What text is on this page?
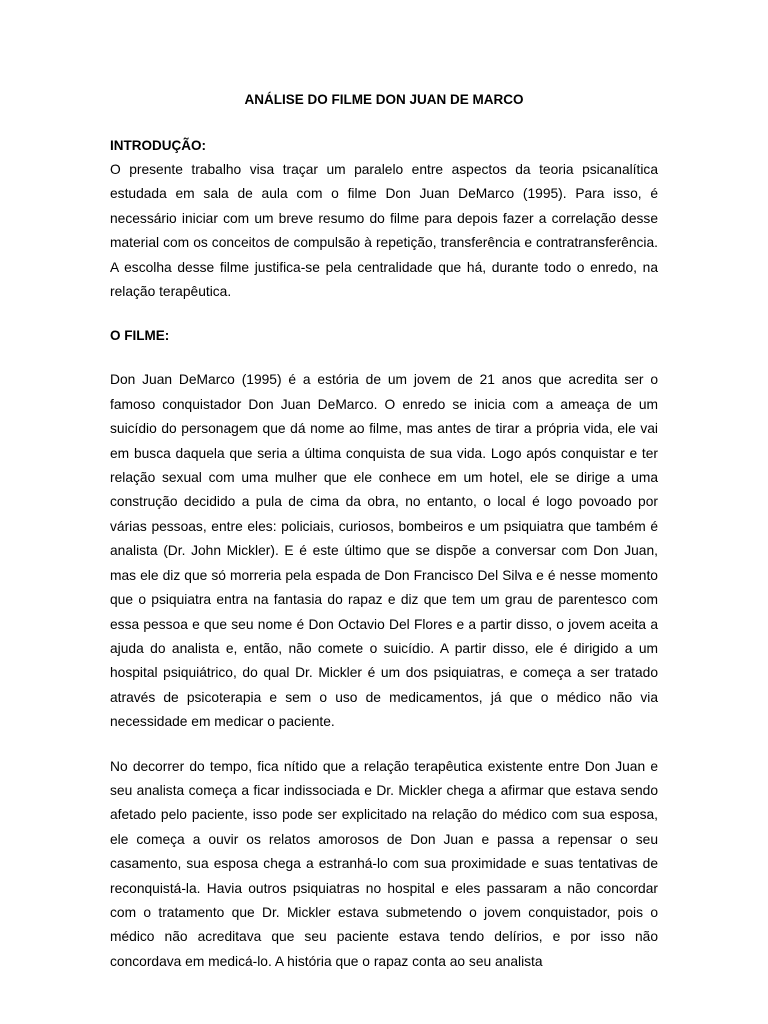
ANÁLISE DO FILME DON JUAN DE MARCO
INTRODUÇÃO:

O presente trabalho visa traçar um paralelo entre aspectos da teoria psicanalítica estudada em sala de aula com o filme Don Juan DeMarco (1995). Para isso, é necessário iniciar com um breve resumo do filme para depois fazer a correlação desse material com os conceitos de compulsão à repetição, transferência e contratransferência. A escolha desse filme justifica-se pela centralidade que há, durante todo o enredo, na relação terapêutica.

O FILME:

Don Juan DeMarco (1995) é a estória de um jovem de 21 anos que acredita ser o famoso conquistador Don Juan DeMarco. O enredo se inicia com a ameaça de um suicídio do personagem que dá nome ao filme, mas antes de tirar a própria vida, ele vai em busca daquela que seria a última conquista de sua vida. Logo após conquistar e ter relação sexual com uma mulher que ele conhece em um hotel, ele se dirige a uma construção decidido a pula de cima da obra, no entanto, o local é logo povoado por várias pessoas, entre eles: policiais, curiosos, bombeiros e um psiquiatra que também é analista (Dr. John Mickler). E é este último que se dispõe a conversar com Don Juan, mas ele diz que só morreria pela espada de Don Francisco Del Silva e é nesse momento que o psiquiatra entra na fantasia do rapaz e diz que tem um grau de parentesco com essa pessoa e que seu nome é Don Octavio Del Flores e a partir disso, o jovem aceita a ajuda do analista e, então, não comete o suicídio. A partir disso, ele é dirigido a um hospital psiquiátrico, do qual Dr. Mickler é um dos psiquiatras, e começa a ser tratado através de psicoterapia e sem o uso de medicamentos, já que o médico não via necessidade em medicar o paciente.

No decorrer do tempo, fica nítido que a relação terapêutica existente entre Don Juan e seu analista começa a ficar indissociada e Dr. Mickler chega a afirmar que estava sendo afetado pelo paciente, isso pode ser explicitado na relação do médico com sua esposa, ele começa a ouvir os relatos amorosos de Don Juan e passa a repensar o seu casamento, sua esposa chega a estranhá-lo com sua proximidade e suas tentativas de reconquistá-la. Havia outros psiquiatras no hospital e eles passaram a não concordar com o tratamento que Dr. Mickler estava submetendo o jovem conquistador, pois o médico não acreditava que seu paciente estava tendo delírios, e por isso não concordava em medicá-lo. A história que o rapaz conta ao seu analista
